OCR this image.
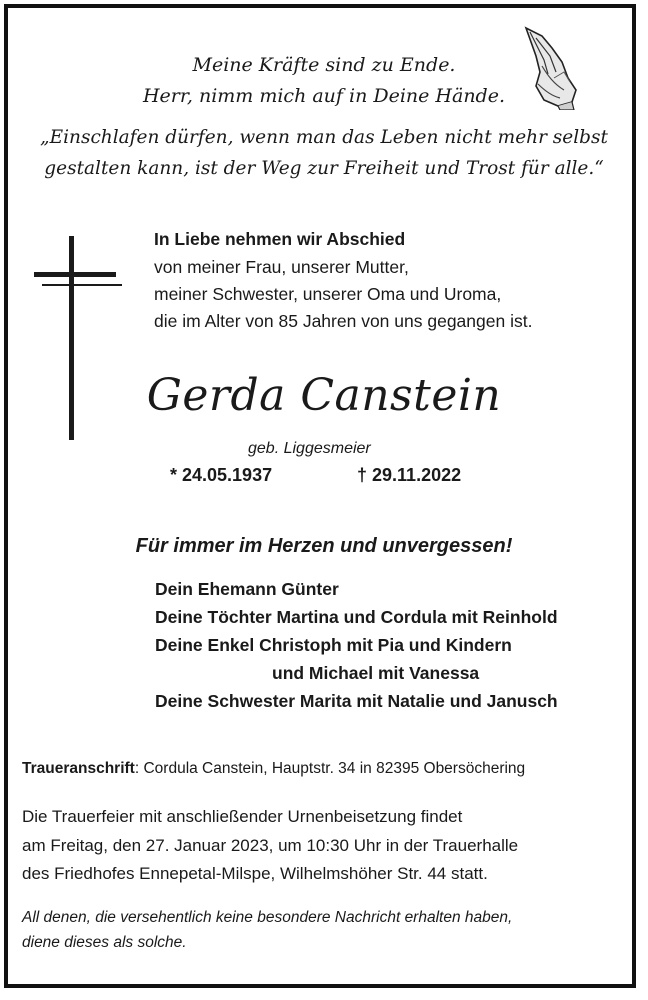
Meine Kräfte sind zu Ende.
Herr, nimm mich auf in Deine Hände.
„Einschlafen dürfen, wenn man das Leben nicht mehr selbst
gestalten kann, ist der Weg zur Freiheit und Trost für alle.“
In Liebe nehmen wir Abschied
von meiner Frau, unserer Mutter,
meiner Schwester, unserer Oma und Uroma,
die im Alter von 85 Jahren von uns gegangen ist.
Gerda Canstein
geb. Liggesmeier
* 24.05.1937	† 29.11.2022
Für immer im Herzen und unvergessen!
Dein Ehemann Günter
Deine Töchter Martina und Cordula mit Reinhold
Deine Enkel Christoph mit Pia und Kindern
und Michael mit Vanessa
Deine Schwester Marita mit Natalie und Janusch
Traueranschrift: Cordula Canstein, Hauptstr. 34 in 82395 Obersöchering
Die Trauerfeier mit anschließender Urnenbeisetzung findet
am Freitag, den 27. Januar 2023, um 10:30 Uhr in der Trauerhalle
des Friedhofes Ennepetal-Milspe, Wilhelmshöher Str. 44 statt.
All denen, die versehentlich keine besondere Nachricht erhalten haben,
diene dieses als solche.
